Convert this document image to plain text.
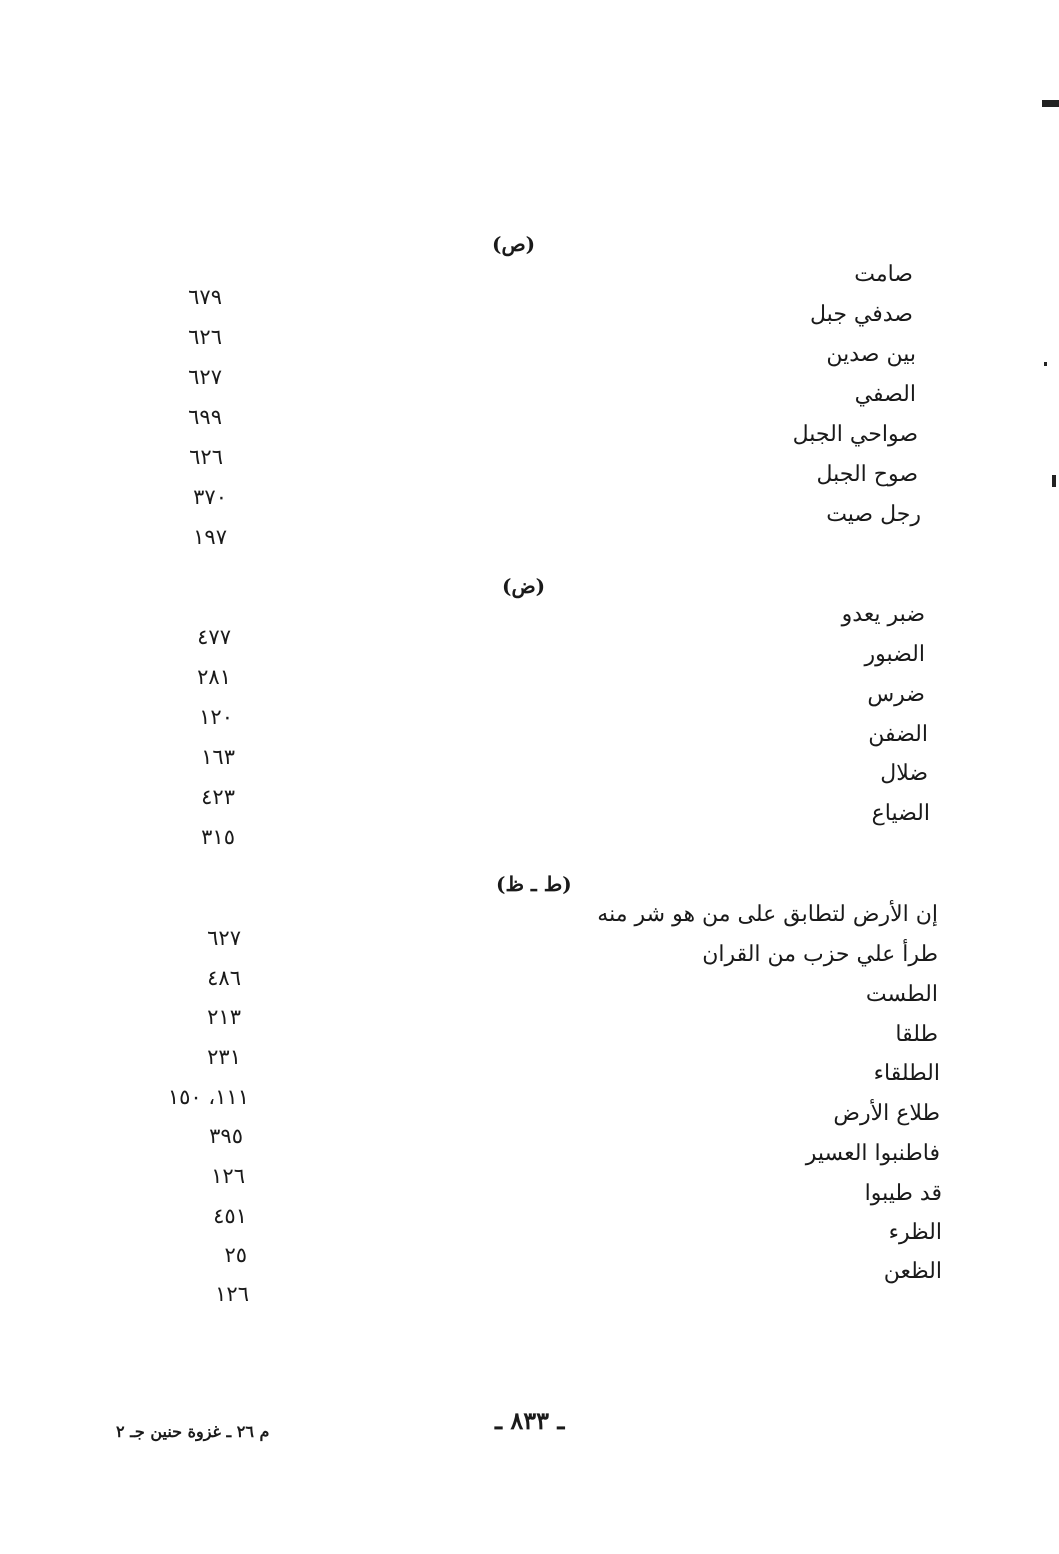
(ص)
صامت
صدفي جبل
بين صدين
الصفي
صواحي الجبل
صوح الجبل
رجل صيت
٦٧٩
٦٢٦
٦٢٧
٦٩٩
٦٢٦
٣٧٠
١٩٧
(ض)
ضبر يعدو
الضبور
ضرس
الضفن
ضلال
الضياع
٤٧٧
٢٨١
١٢٠
١٦٣
٤٢٣
٣١٥
(ط ـ ظ)
إن الأرض لتطابق على من هو شر منه
طرأ علي حزب من القران
الطست
طلقا
الطلقاء
طلاع الأرض
فاطنبوا العسير
قد طيبوا
الظرء
الظعن
٦٢٧
٤٨٦
٢١٣
٢٣١
١١١، ١٥٠
٣٩٥
١٢٦
٤٥١
٢٥
١٢٦
ـ ٨٣٣ ـ
م ٢٦ ـ غزوة حنين جـ ٢
